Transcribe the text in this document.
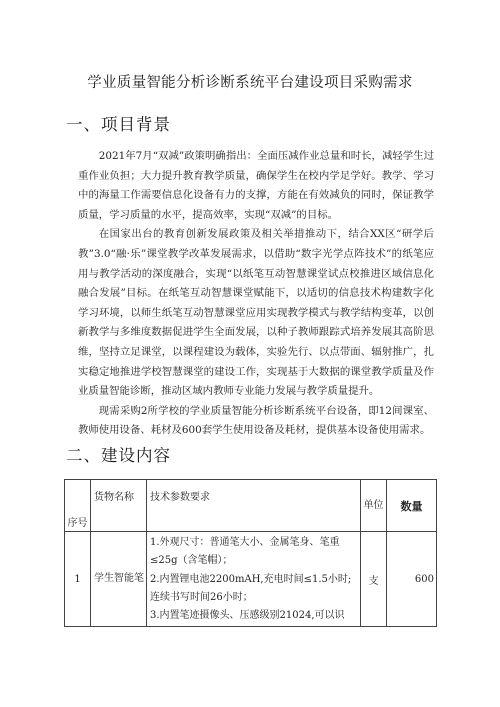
学业质量智能分析诊断系统平台建设项目采购需求
一、项目背景

2021年7月“双减”政策明确指出：全面压减作业总量和时长，减轻学生过重作业负担；大力提升教育教学质量，确保学生在校内学足学好。教学、学习中的海量工作需要信息化设备有力的支撑，方能在有效减负的同时，保证教学质量，学习质量的水平，提高效率，实现“双减”的目标。

在国家出台的教育创新发展政策及相关举措推动下，结合XX区“研学后教”3.0“融·乐”课堂教学改革发展需求，以借助“数字光学点阵技术”的纸笔应用与教学活动的深度融合，实现“以纸笔互动智慧课堂试点校推进区域信息化融合发展”目标。在纸笔互动智慧课堂赋能下，以适切的信息技术构建数字化学习环境，以师生纸笔互动智慧课堂应用实现教学模式与教学结构变革，以创新教学与多维度数据促进学生全面发展，以种子教师跟踪式培养发展其高阶思维，坚持立足课堂，以课程建设为载体，实验先行、以点带面、辐射推广，扎实稳定地推进学校智慧课堂的建设工作，实现基于大数据的课堂教学质量及作业质量智能诊断，推动区域内教师专业能力发展与教学质量提升。

现需采购2所学校的学业质量智能分析诊断系统平台设备，即12间课室、教师使用设备、耗材及600套学生使用设备及耗材，提供基本设备使用需求。

二、建设内容
序号	货物名称	技术参数要求	单位	数量
1	学生智能笔	1.外观尺寸：普通笔大小、金属笔身、笔重≤25g（含笔帽）；
2.内置锂电池2200mAH,充电时间≤1.5小时;连续书写时间26小时；
3.内置笔迹摄像头、压感级别21024,可以识	支	600
